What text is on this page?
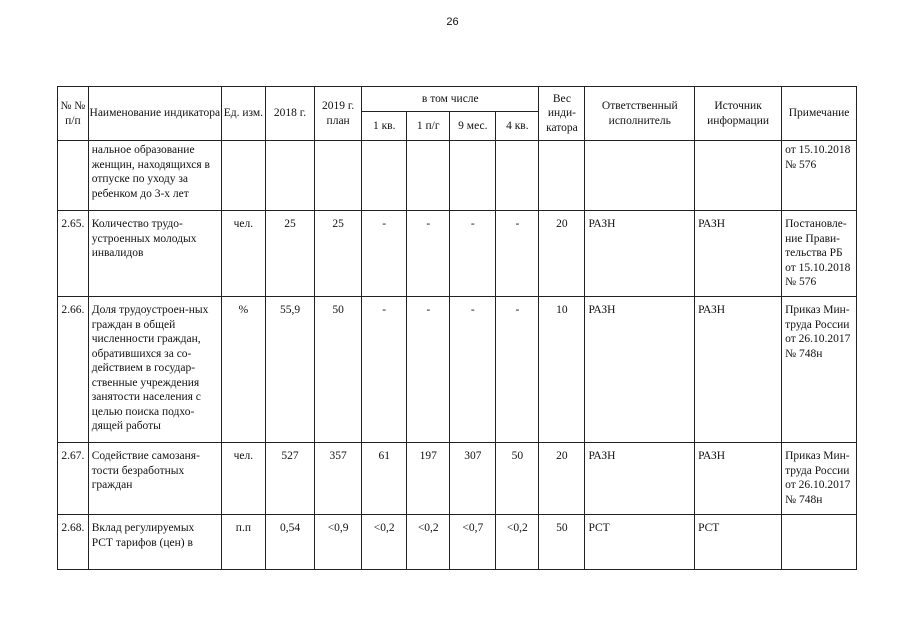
26
№ № п/п	Наименование индикатора	Ед. изм.	2018 г.	2019 г. план	в том числе				Вес инди-катора	Ответственный исполнитель	Источник информации	Примечание
					1 кв.	1 п/г	9 мес.	4 кв.				
	нальное образование женщин, находящихся в отпуске по уходу за ребенком до 3-х лет											от 15.10.2018 № 576
2.65.	Количество трудо-устроенных молодых инвалидов	чел.	25	25	-	-	-	-	20	РАЗН	РАЗН	Постановле-ние Прави-тельства РБ от 15.10.2018 № 576
2.66.	Доля трудоустроен-ных граждан в общей численности граждан, обратившихся за со-действием в государ-ственные учреждения занятости населения с целью поиска подхо-дящей работы	%	55,9	50	-	-	-	-	10	РАЗН	РАЗН	Приказ Мин-труда России от 26.10.2017 № 748н
2.67.	Содействие самозаня-тости безработных граждан	чел.	527	357	61	197	307	50	20	РАЗН	РАЗН	Приказ Мин-труда России от 26.10.2017 № 748н
2.68.	Вклад регулируемых РСТ тарифов (цен) в	п.п	0,54	<0,9	<0,2	<0,2	<0,7	<0,2	50	РСТ	РСТ	
